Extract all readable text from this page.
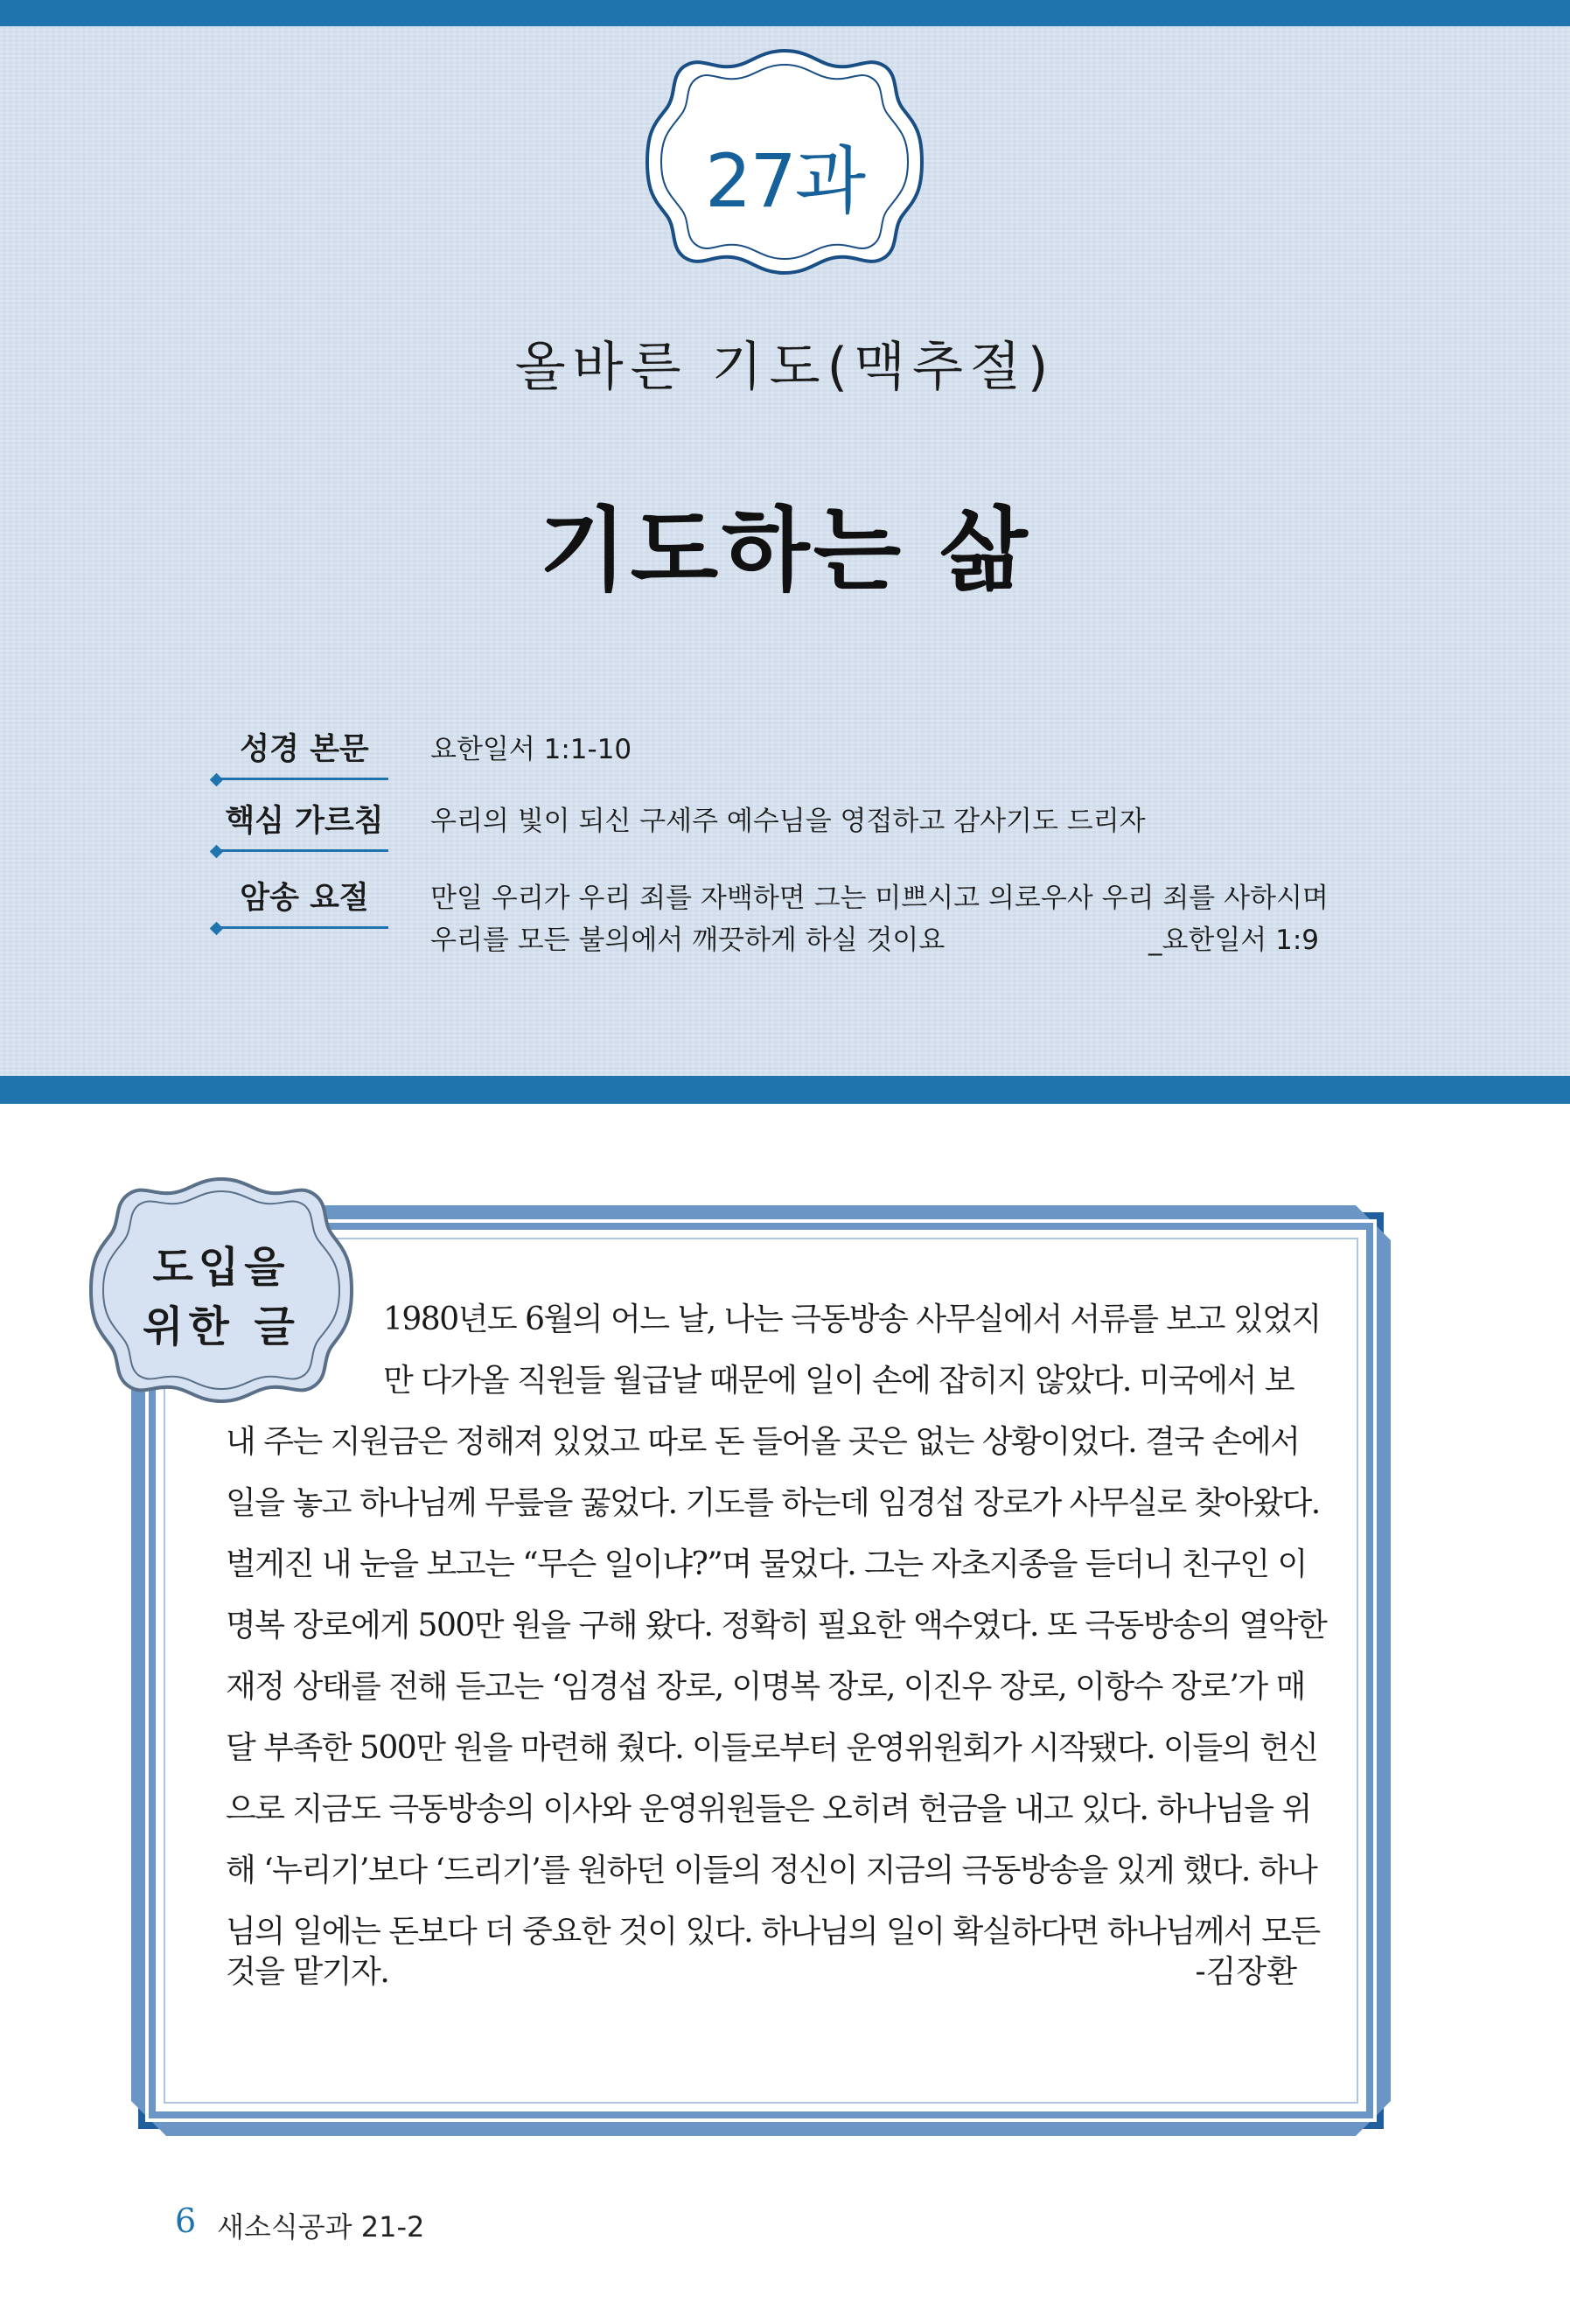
27과
올바른 기도(맥추절)
기도하는 삶
성경 본문	요한일서 1:1-10
핵심 가르침	우리의 빛이 되신 구세주 예수님을 영접하고 감사기도 드리자
암송 요절	만일 우리가 우리 죄를 자백하면 그는 미쁘시고 의로우사 우리 죄를 사하시며
우리를 모든 불의에서 깨끗하게 하실 것이요	_요한일서 1:9
도입을
위한 글	1980년도 6월의 어느 날, 나는 극동방송 사무실에서 서류를 보고 있었지
만 다가올 직원들 월급날 때문에 일이 손에 잡히지 않았다. 미국에서 보
내 주는 지원금은 정해져 있었고 따로 돈 들어올 곳은 없는 상황이었다. 결국 손에서
일을 놓고 하나님께 무릎을 꿇었다. 기도를 하는데 임경섭 장로가 사무실로 찾아왔다.
벌게진 내 눈을 보고는 “무슨 일이냐?”며 물었다. 그는 자초지종을 듣더니 친구인 이
명복 장로에게 500만 원을 구해 왔다. 정확히 필요한 액수였다. 또 극동방송의 열악한
재정 상태를 전해 듣고는 ‘임경섭 장로, 이명복 장로, 이진우 장로, 이항수 장로’가 매
달 부족한 500만 원을 마련해 줬다. 이들로부터 운영위원회가 시작됐다. 이들의 헌신
으로 지금도 극동방송의 이사와 운영위원들은 오히려 헌금을 내고 있다. 하나님을 위
해 ‘누리기’보다 ‘드리기’를 원하던 이들의 정신이 지금의 극동방송을 있게 했다. 하나
님의 일에는 돈보다 더 중요한 것이 있다. 하나님의 일이 확실하다면 하나님께서 모든
것을 맡기자.	-김장환
6 새소식공과 21-2
